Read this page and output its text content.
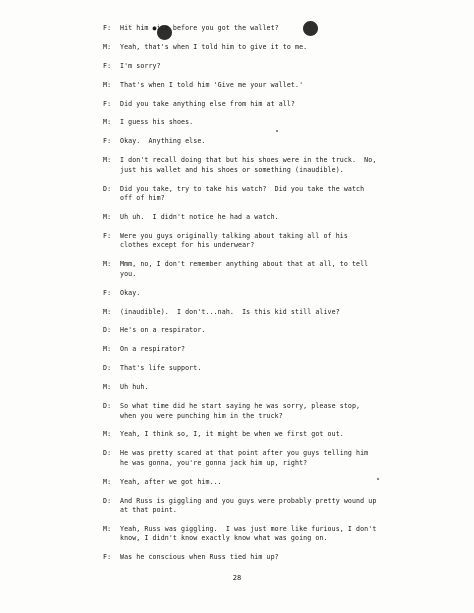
F:	Hit him ●ice before you got the wallet?
M:	Yeah, that's when I told him to give it to me.
F:	I'm sorry?
M:	That's when I told him 'Give me your wallet.'
F:	Did you take anything else from him at all?
M:	I guess his shoes.
F:	Okay.  Anything else.
M:	I don't recall doing that but his shoes were in the truck.  No,
just his wallet and his shoes or something (inaudible).
D:	Did you take, try to take his watch?  Did you take the watch
off of him?
M:	Uh uh.  I didn't notice he had a watch.
F:	Were you guys originally talking about taking all of his
clothes except for his underwear?
M:	Mmm, no, I don't remember anything about that at all, to tell
you.
F:	Okay.
M:	(inaudible).  I don't...nah.  Is this kid still alive?
D:	He's on a respirator.
M:	On a respirator?
D:	That's life support.
M:	Uh huh.
D:	So what time did he start saying he was sorry, please stop,
when you were punching him in the truck?
M:	Yeah, I think so, I, it might be when we first got out.
D:	He was pretty scared at that point after you guys telling him
he was gonna, you're gonna jack him up, right?
M:	Yeah, after we got him...
D:	And Russ is giggling and you guys were probably pretty wound up
at that point.
M:	Yeah, Russ was giggling.  I was just more like furious, I don't
know, I didn't know exactly know what was going on.
F:	Was he conscious when Russ tied him up?
28
